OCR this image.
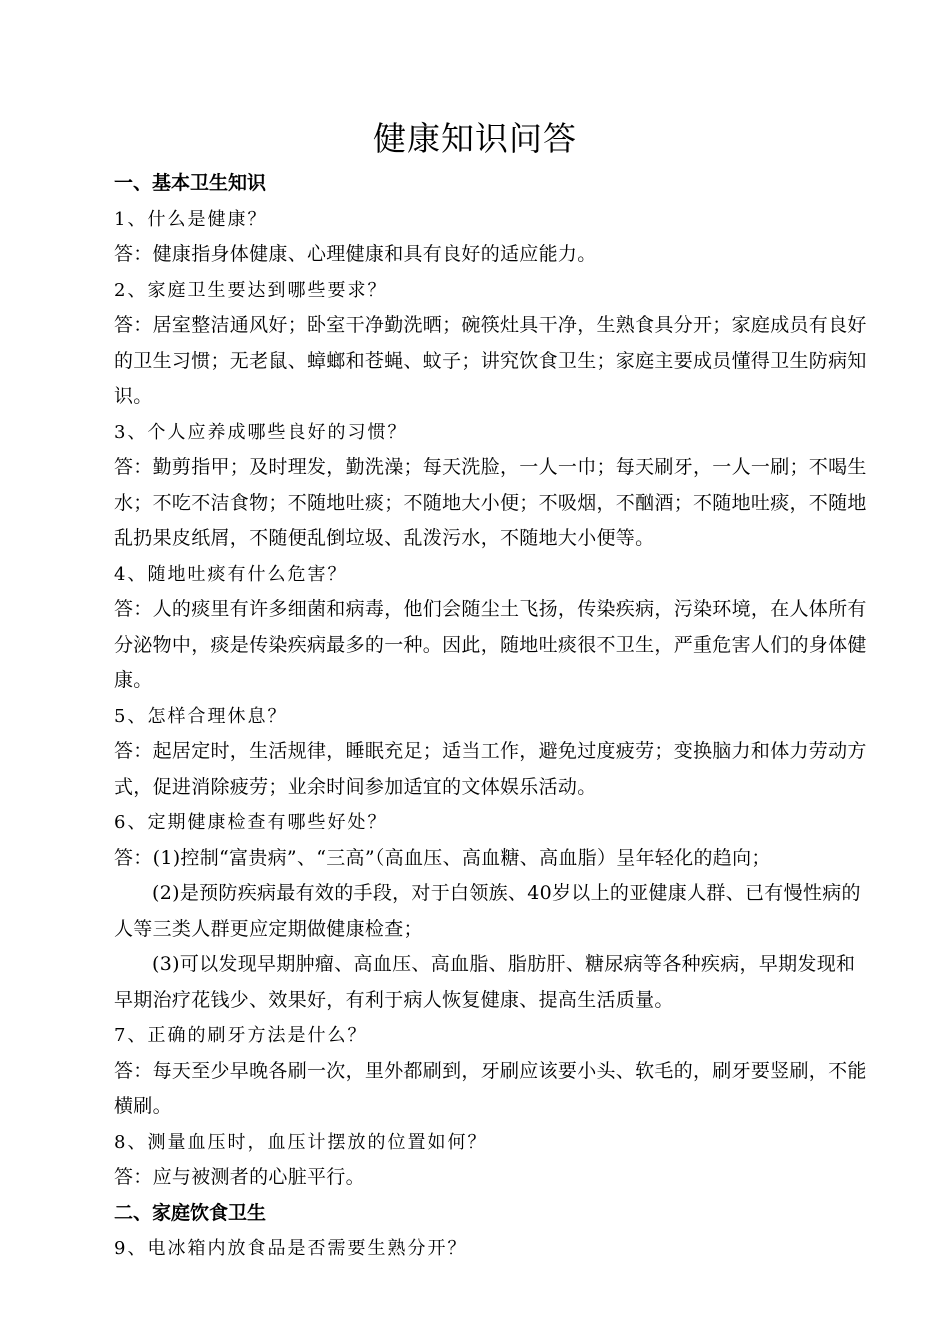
健康知识问答
一、基本卫生知识
1、什么是健康？
答：健康指身体健康、心理健康和具有良好的适应能力。
2、家庭卫生要达到哪些要求？
答：居室整洁通风好；卧室干净勤洗晒；碗筷灶具干净，生熟食具分开；家庭成员有良好的卫生习惯；无老鼠、蟑螂和苍蝇、蚊子；讲究饮食卫生；家庭主要成员懂得卫生防病知识。
3、个人应养成哪些良好的习惯？
答：勤剪指甲；及时理发，勤洗澡；每天洗脸，一人一巾；每天刷牙，一人一刷；不喝生水；不吃不洁食物；不随地吐痰；不随地大小便；不吸烟，不酗酒；不随地吐痰，不随地乱扔果皮纸屑，不随便乱倒垃圾、乱泼污水，不随地大小便等。
4、随地吐痰有什么危害？
答：人的痰里有许多细菌和病毒，他们会随尘土飞扬，传染疾病，污染环境，在人体所有分泌物中，痰是传染疾病最多的一种。因此，随地吐痰很不卫生，严重危害人们的身体健康。
5、怎样合理休息？
答：起居定时，生活规律，睡眠充足；适当工作，避免过度疲劳；变换脑力和体力劳动方式，促进消除疲劳；业余时间参加适宜的文体娱乐活动。
6、定期健康检查有哪些好处？
答：(1)控制“富贵病”、“三高”（高血压、高血糖、高血脂）呈年轻化的趋向；
(2)是预防疾病最有效的手段，对于白领族、40岁以上的亚健康人群、已有慢性病的人等三类人群更应定期做健康检查；
(3)可以发现早期肿瘤、高血压、高血脂、脂肪肝、糖尿病等各种疾病，早期发现和早期治疗花钱少、效果好，有利于病人恢复健康、提高生活质量。
7、正确的刷牙方法是什么？
答：每天至少早晚各刷一次，里外都刷到，牙刷应该要小头、软毛的，刷牙要竖刷，不能横刷。
8、测量血压时，血压计摆放的位置如何？
答：应与被测者的心脏平行。
二、家庭饮食卫生
9、电冰箱内放食品是否需要生熟分开？
